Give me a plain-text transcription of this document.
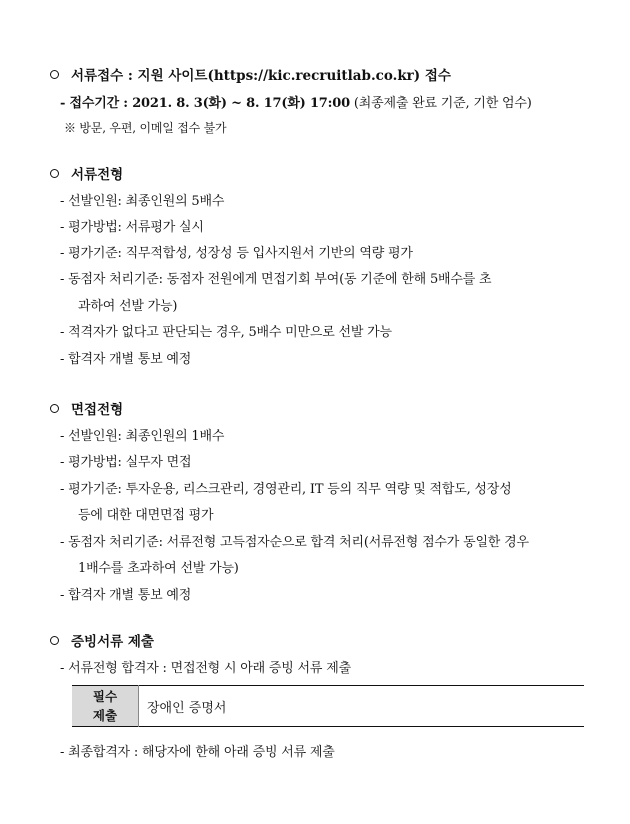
서류접수 : 지원 사이트(https://kic.recruitlab.co.kr) 접수
- 접수기간 : 2021. 8. 3(화) ~ 8. 17(화) 17:00 (최종제출 완료 기준, 기한 엄수)
※ 방문, 우편, 이메일 접수 불가
서류전형
- 선발인원: 최종인원의 5배수
- 평가방법: 서류평가 실시
- 평가기준: 직무적합성, 성장성 등 입사지원서 기반의 역량 평가
- 동점자 처리기준: 동점자 전원에게 면접기회 부여(동 기준에 한해 5배수를 초
과하여 선발 가능)
- 적격자가 없다고 판단되는 경우, 5배수 미만으로 선발 가능
- 합격자 개별 통보 예정
면접전형
- 선발인원: 최종인원의 1배수
- 평가방법: 실무자 면접
- 평가기준: 투자운용, 리스크관리, 경영관리, IT 등의 직무 역량 및 적합도, 성장성
등에 대한 대면면접 평가
- 동점자 처리기준: 서류전형 고득점자순으로 합격 처리(서류전형 점수가 동일한 경우
1배수를 초과하여 선발 가능)
- 합격자 개별 통보 예정
증빙서류 제출
- 서류전형 합격자 : 면접전형 시 아래 증빙 서류 제출
필수
제출	장애인 증명서
- 최종합격자 : 해당자에 한해 아래 증빙 서류 제출
